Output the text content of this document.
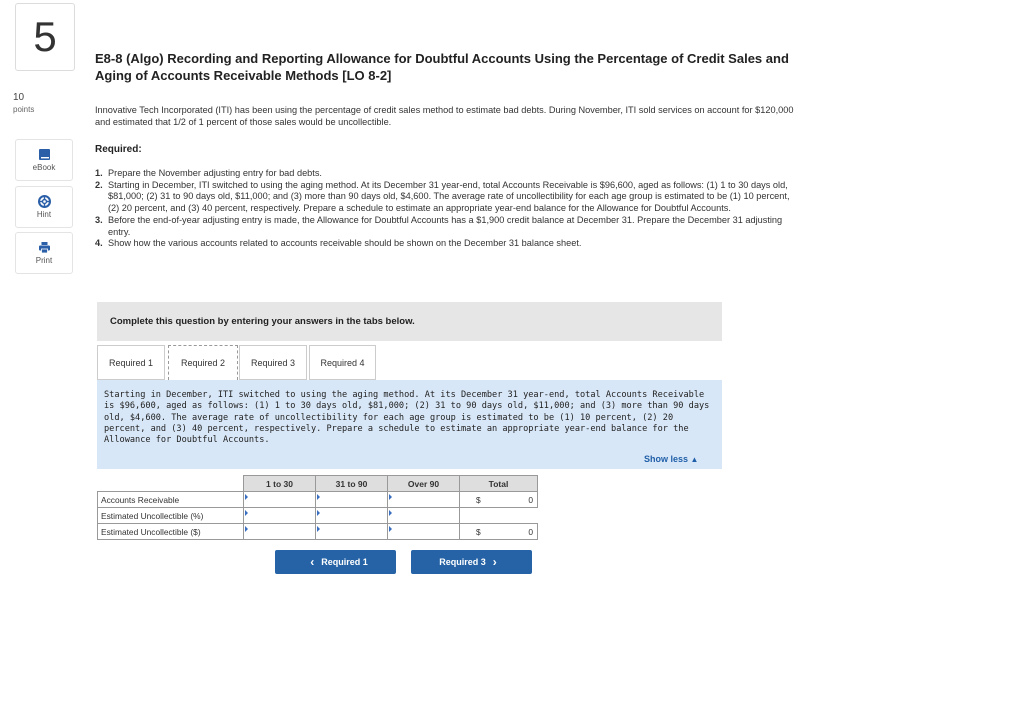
5
10
points
eBook
Hint
Print
E8-8 (Algo) Recording and Reporting Allowance for Doubtful Accounts Using the Percentage of Credit Sales and Aging of Accounts Receivable Methods [LO 8-2]
Innovative Tech Incorporated (ITI) has been using the percentage of credit sales method to estimate bad debts. During November, ITI sold services on account for $120,000 and estimated that 1/2 of 1 percent of those sales would be uncollectible.
Required:
1. Prepare the November adjusting entry for bad debts.
2. Starting in December, ITI switched to using the aging method. At its December 31 year-end, total Accounts Receivable is $96,600, aged as follows: (1) 1 to 30 days old, $81,000; (2) 31 to 90 days old, $11,000; and (3) more than 90 days old, $4,600. The average rate of uncollectibility for each age group is estimated to be (1) 10 percent, (2) 20 percent, and (3) 40 percent, respectively. Prepare a schedule to estimate an appropriate year-end balance for the Allowance for Doubtful Accounts.
3. Before the end-of-year adjusting entry is made, the Allowance for Doubtful Accounts has a $1,900 credit balance at December 31. Prepare the December 31 adjusting entry.
4. Show how the various accounts related to accounts receivable should be shown on the December 31 balance sheet.
Complete this question by entering your answers in the tabs below.
Required 1	Required 2	Required 3	Required 4
Starting in December, ITI switched to using the aging method. At its December 31 year-end, total Accounts Receivable is $96,600, aged as follows: (1) 1 to 30 days old, $81,000; (2) 31 to 90 days old, $11,000; and (3) more than 90 days old, $4,600. The average rate of uncollectibility for each age group is estimated to be (1) 10 percent, (2) 20 percent, and (3) 40 percent, respectively. Prepare a schedule to estimate an appropriate year-end balance for the Allowance for Doubtful Accounts.
Show less ▲
	1 to 30	31 to 90	Over 90	Total
Accounts Receivable				$ 0

Estimated Uncollectible (%)				
Estimated Uncollectible ($)				$ 0
‹ Required 1	Required 3 ›
